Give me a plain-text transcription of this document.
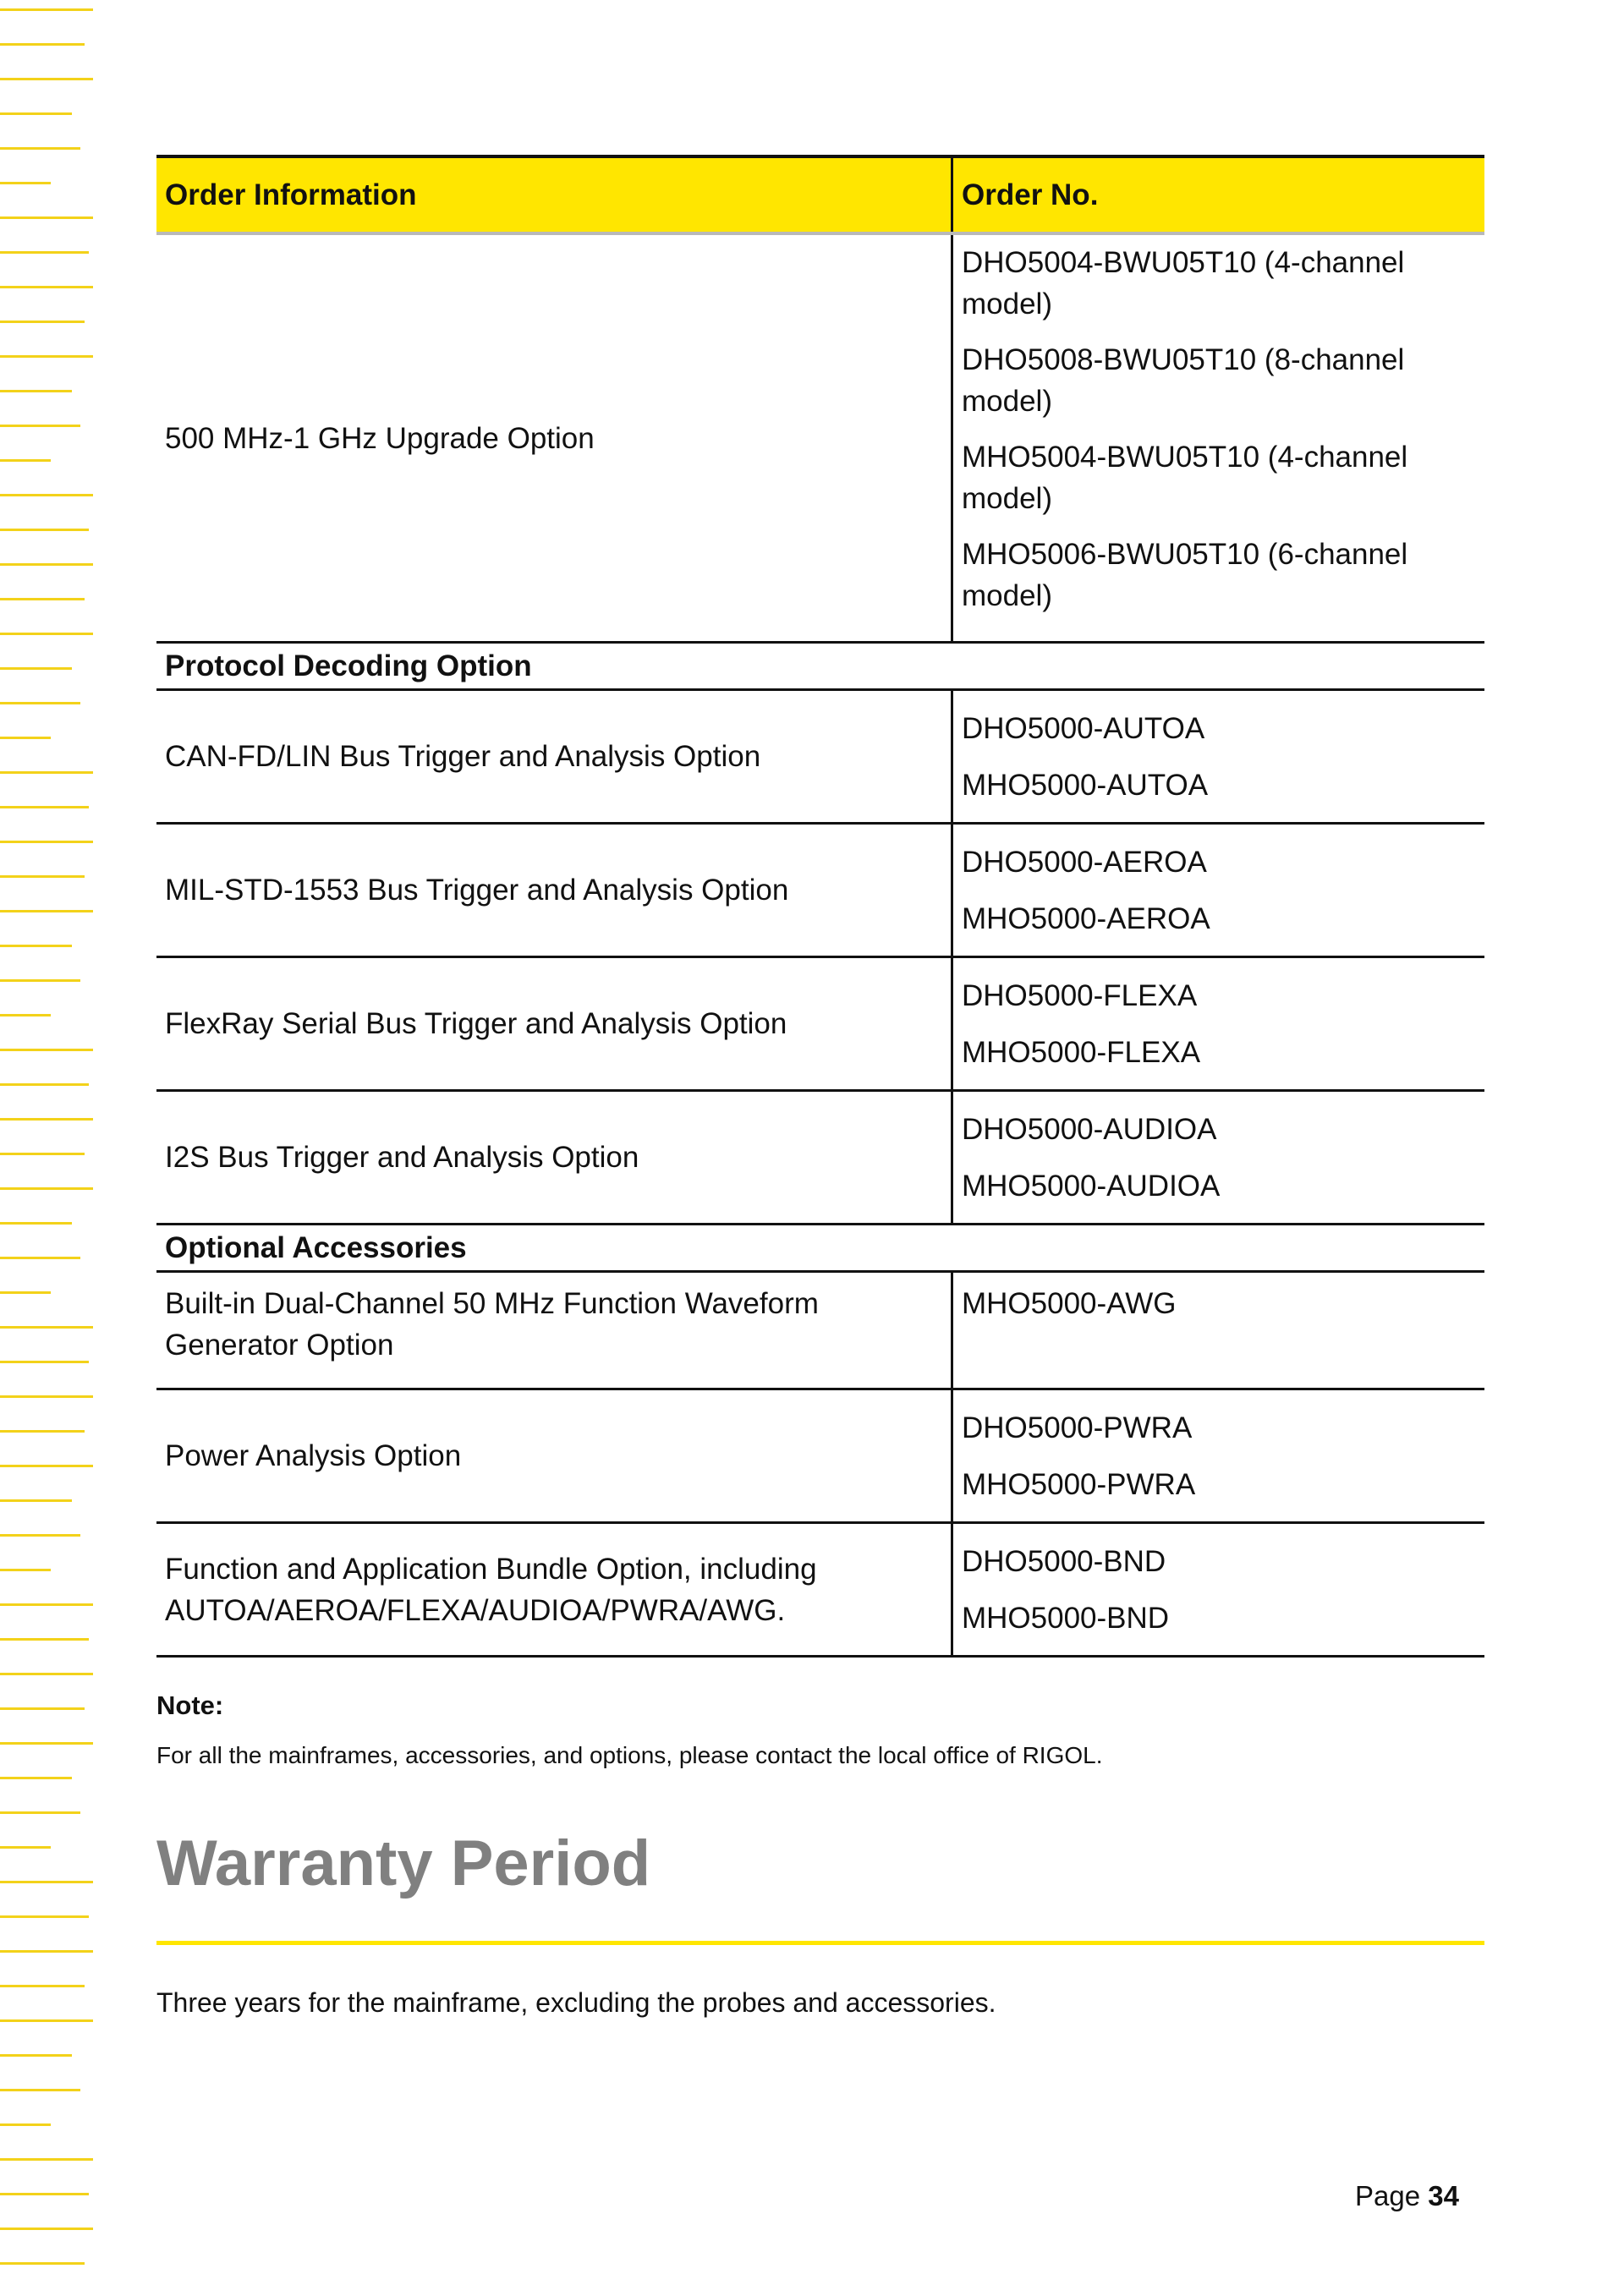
Order Information	Order No.
500 MHz-1 GHz Upgrade Option
DHO5004-BWU05T10 (4-channel model)
DHO5008-BWU05T10 (8-channel model)
MHO5004-BWU05T10 (4-channel model)
MHO5006-BWU05T10 (6-channel model)
Protocol Decoding Option
CAN-FD/LIN Bus Trigger and Analysis Option
DHO5000-AUTOA
MHO5000-AUTOA
MIL-STD-1553 Bus Trigger and Analysis Option
DHO5000-AEROA
MHO5000-AEROA
FlexRay Serial Bus Trigger and Analysis Option
DHO5000-FLEXA
MHO5000-FLEXA
I2S Bus Trigger and Analysis Option
DHO5000-AUDIOA
MHO5000-AUDIOA
Optional Accessories
Built-in Dual-Channel 50 MHz Function Waveform Generator Option
MHO5000-AWG
Power Analysis Option
DHO5000-PWRA
MHO5000-PWRA
Function and Application Bundle Option, including AUTOA/AEROA/FLEXA/AUDIOA/PWRA/AWG.
DHO5000-BND
MHO5000-BND
Note:
For all the mainframes, accessories, and options, please contact the local office of RIGOL.
Warranty Period
Three years for the mainframe, excluding the probes and accessories.
Page 34
